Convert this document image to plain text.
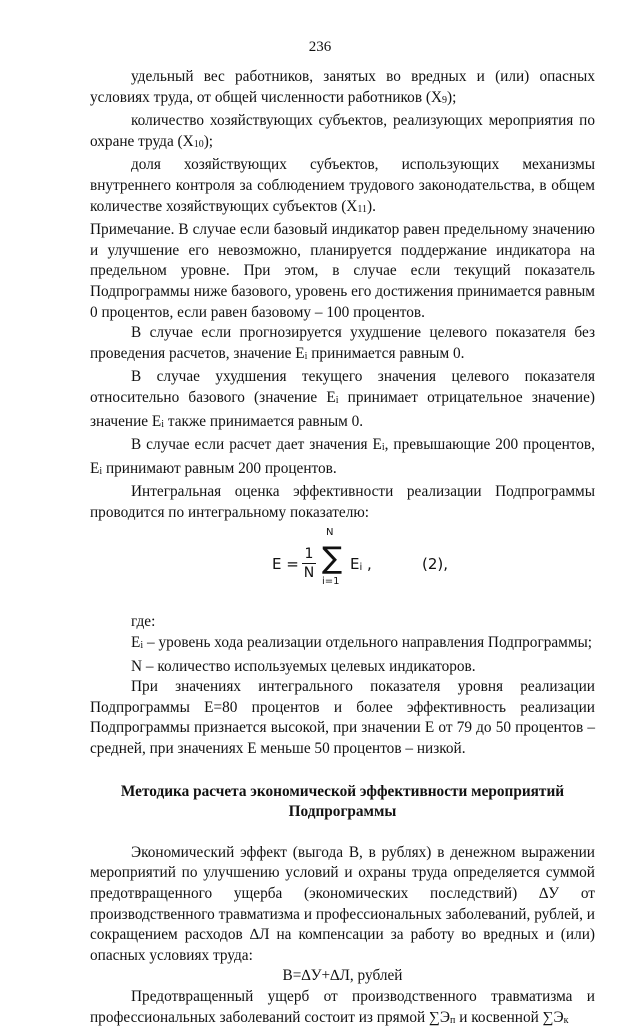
236

удельный вес работников, занятых во вредных и (или) опасных условиях труда, от общей численности работников (X9);

количество хозяйствующих субъектов, реализующих мероприятия по охране труда (X10);

доля хозяйствующих субъектов, использующих механизмы внутреннего контроля за соблюдением трудового законодательства, в общем количестве хозяйствующих субъектов (X11).

Примечание. В случае если базовый индикатор равен предельному значению и улучшение его невозможно, планируется поддержание индикатора на предельном уровне. При этом, в случае если текущий показатель Подпрограммы ниже базового, уровень его достижения принимается равным 0 процентов, если равен базовому – 100 процентов.

В случае если прогнозируется ухудшение целевого показателя без проведения расчетов, значение Ei принимается равным 0.

В случае ухудшения текущего значения целевого показателя относительно базового (значение Ei принимает отрицательное значение) значение Ei также принимается равным 0.

В случае если расчет дает значения Ei, превышающие 200 процентов, Ei принимают равным 200 процентов.

Интегральная оценка эффективности реализации Подпрограммы проводится по интегральному показателю:

E =
1
N
N
∑
i=1
Ei ,	(2),

где:

Ei – уровень хода реализации отдельного направления Подпрограммы;

N – количество используемых целевых индикаторов.

При значениях интегрального показателя уровня реализации Подпрограммы E=80 процентов и более эффективность реализации Подпрограммы признается высокой, при значении E от 79 до 50 процентов – средней, при значениях E меньше 50 процентов – низкой.

Методика расчета экономической эффективности мероприятий
Подпрограммы

Экономический эффект (выгода В, в рублях) в денежном выражении мероприятий по улучшению условий и охраны труда определяется суммой предотвращенного ущерба (экономических последствий) ∆У от производственного травматизма и профессиональных заболеваний, рублей, и сокращением расходов ∆Л на компенсации за работу во вредных и (или) опасных условиях труда:

В=∆У+∆Л, рублей

Предотвращенный ущерб от производственного травматизма и профессиональных заболеваний состоит из прямой ∑Эп и косвенной ∑Эк
